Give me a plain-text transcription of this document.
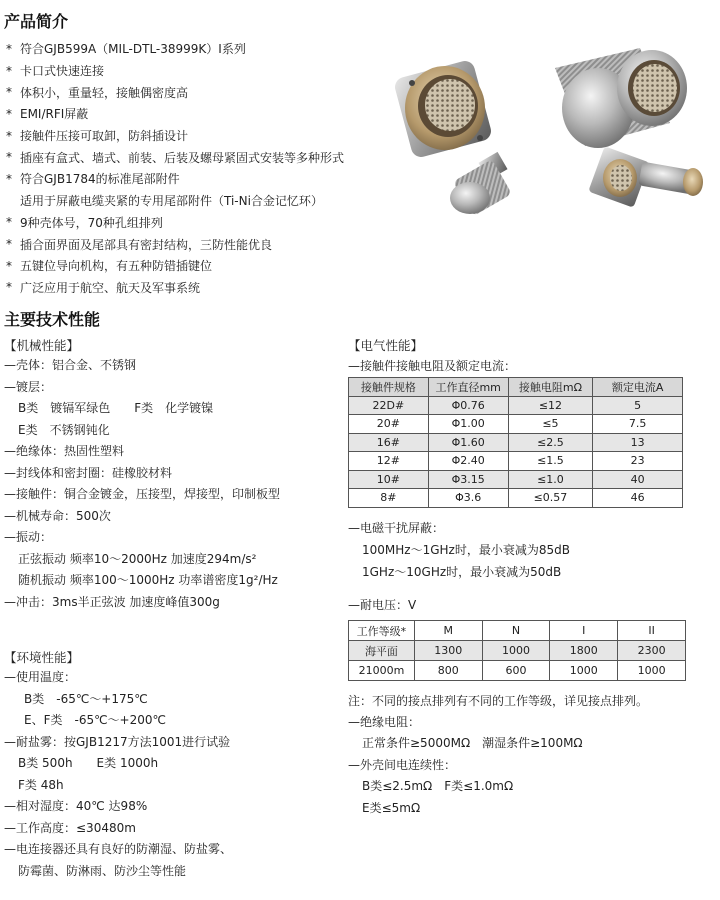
产品简介
* 符合GJB599A（MIL-DTL-38999K）Ⅰ系列
* 卡口式快速连接
* 体积小，重量轻，接触偶密度高
* EMI/RFI屏蔽
* 接触件压接可取卸，防斜插设计
* 插座有盒式、墙式、前装、后装及螺母紧固式安装等多种形式
* 符合GJB1784的标准尾部附件
适用于屏蔽电缆夹紧的专用尾部附件（Ti-Ni合金记忆环）
* 9种壳体号，70种孔组排列
* 插合面界面及尾部具有密封结构，三防性能优良
* 五键位导向机构，有五种防错插键位
* 广泛应用于航空、航天及军事系统
主要技术性能
【机械性能】
—壳体：铝合金、不锈钢
—镀层：
B类　镀镉军绿色　　F类　化学镀镍
E类　不锈钢钝化
—绝缘体：热固性塑料
—封线体和密封圈：硅橡胶材料
—接触件：铜合金镀金，压接型，焊接型，印制板型
—机械寿命：500次
—振动：
正弦振动 频率10～2000Hz 加速度294m/s²
随机振动 频率100～1000Hz 功率谱密度1g²/Hz
—冲击：3ms半正弦波 加速度峰值300g
【环境性能】
—使用温度：
B类　-65℃～+175℃
E、F类　-65℃～+200℃
—耐盐雾：按GJB1217方法1001进行试验
B类 500h　　E类 1000h
F类 48h
—相对湿度：40℃ 达98%
—工作高度：≤30480m
—电连接器还具有良好的防潮湿、防盐雾、
防霉菌、防淋雨、防沙尘等性能
【电气性能】
—接触件接触电阻及额定电流：
接触件规格	工作直径mm	接触电阻mΩ	额定电流A
22D#	Φ0.76	≤12	5
20#	Φ1.00	≤5	7.5
16#	Φ1.60	≤2.5	13
12#	Φ2.40	≤1.5	23
10#	Φ3.15	≤1.0	40
8#	Φ3.6	≤0.57	46
—电磁干扰屏蔽：
100MHz～1GHz时，最小衰减为85dB
1GHz～10GHz时，最小衰减为50dB
—耐电压：V
工作等级*	M	N	I	II
海平面	1300	1000	1800	2300
21000m	800	600	1000	1000
注：不同的接点排列有不同的工作等级，详见接点排列。
—绝缘电阻：
正常条件≥5000MΩ　潮湿条件≥100MΩ
—外壳间电连续性：
B类≤2.5mΩ　F类≤1.0mΩ
E类≤5mΩ
